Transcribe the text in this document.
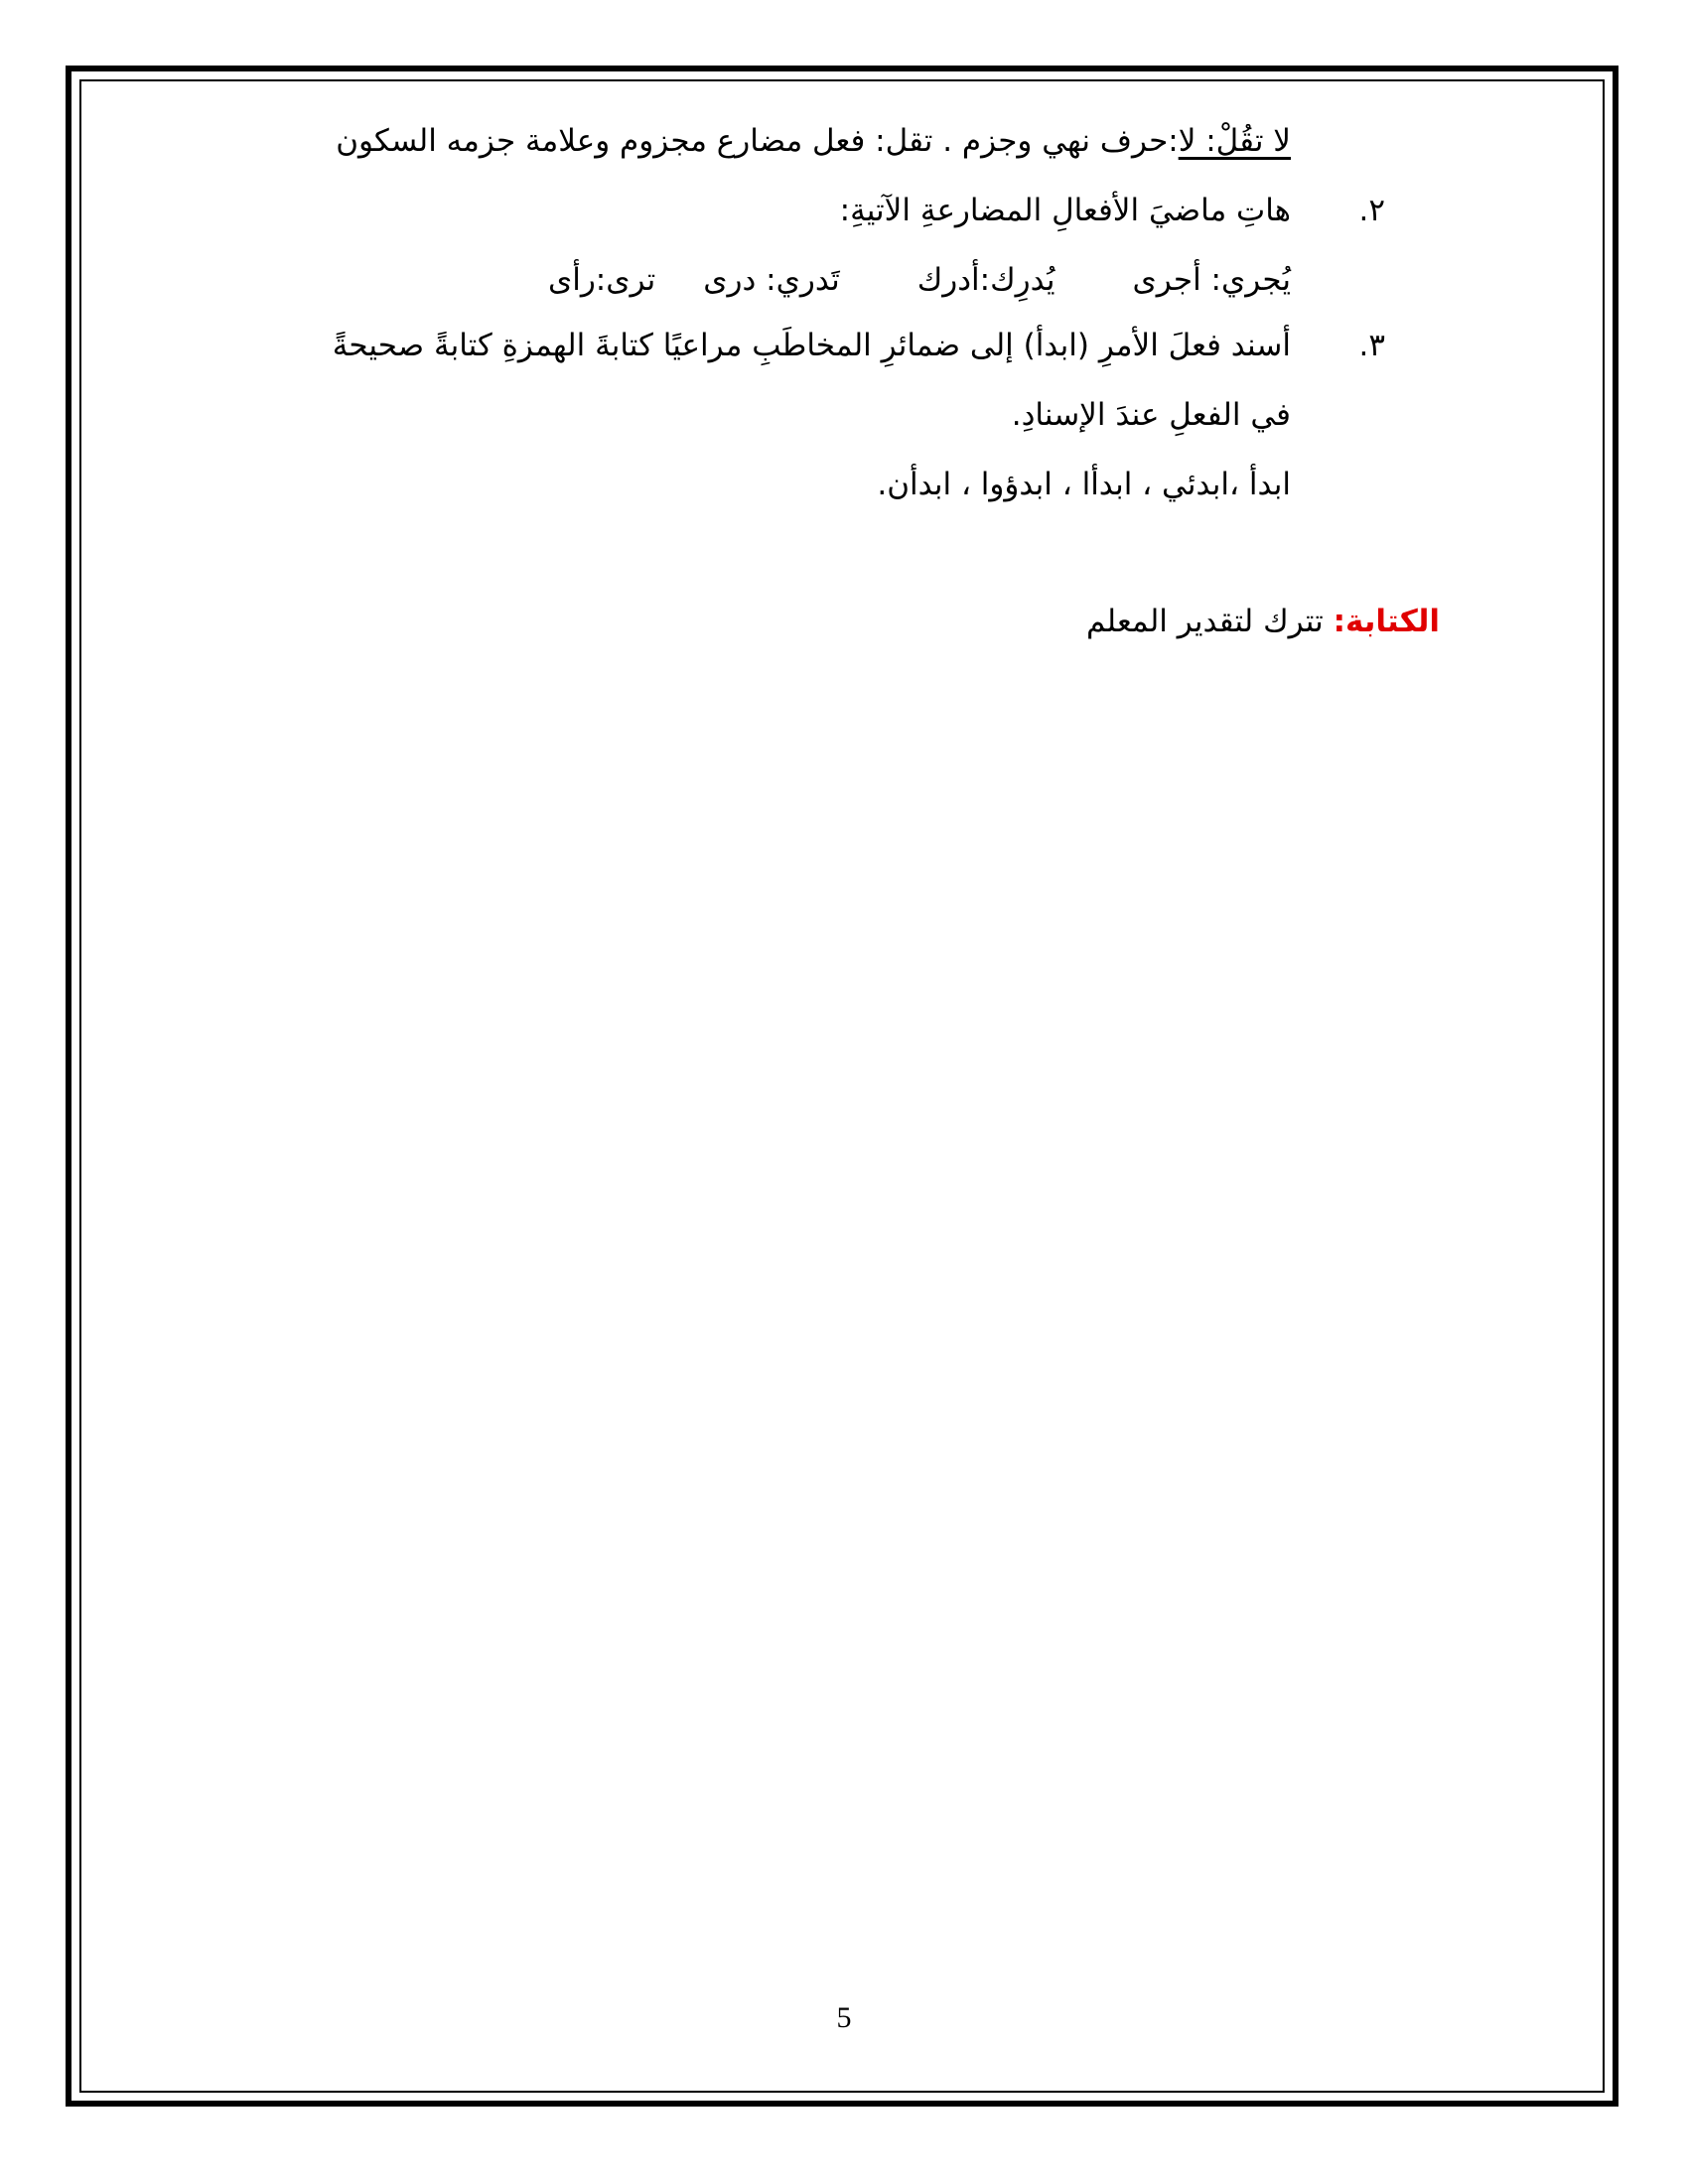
لا تقُلْ: لا:حرف نهي وجزم . تقل: فعل مضارع مجزوم وعلامة جزمه السكون
٢.
هاتِ ماضيَ الأفعالِ المضارعةِ الآتيةِ:
يُجري: أجرىيُدرِك:أدركتَدري: درىترى:رأى
٣.
أسند فعلَ الأمرِ (ابدأ) إلى ضمائرِ المخاطَبِ مراعيًا كتابةَ الهمزةِ كتابةً صحيحةً
في الفعلِ عندَ الإسنادِ.
ابدأ ،ابدئي ، ابدأا ، ابدؤوا ، ابدأن.
الكتابة: تترك لتقدير المعلم
5
